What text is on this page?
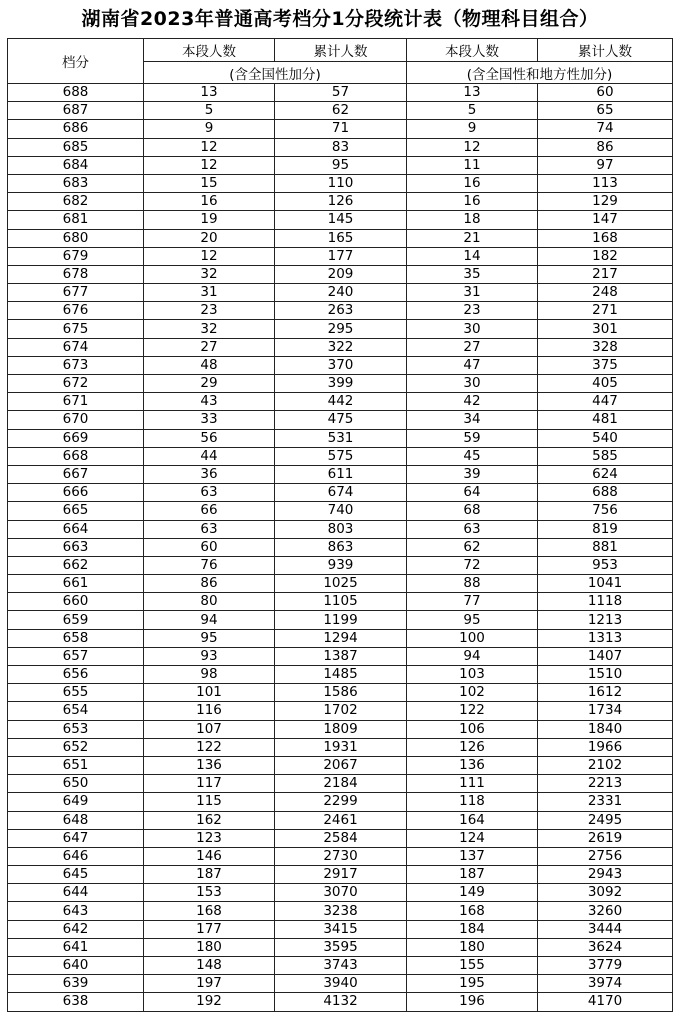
湖南省2023年普通高考档分1分段统计表（物理科目组合）
档分	本段人数	累计人数	本段人数	累计人数
	(含全国性加分)		(含全国性和地方性加分)	
688	13	57	13	60
687	5	62	5	65
686	9	71	9	74
685	12	83	12	86
684	12	95	11	97
683	15	110	16	113
682	16	126	16	129
681	19	145	18	147
680	20	165	21	168
679	12	177	14	182
678	32	209	35	217
677	31	240	31	248
676	23	263	23	271
675	32	295	30	301
674	27	322	27	328
673	48	370	47	375
672	29	399	30	405
671	43	442	42	447
670	33	475	34	481
669	56	531	59	540
668	44	575	45	585
667	36	611	39	624
666	63	674	64	688
665	66	740	68	756
664	63	803	63	819
663	60	863	62	881
662	76	939	72	953
661	86	1025	88	1041
660	80	1105	77	1118
659	94	1199	95	1213
658	95	1294	100	1313
657	93	1387	94	1407
656	98	1485	103	1510
655	101	1586	102	1612
654	116	1702	122	1734
653	107	1809	106	1840
652	122	1931	126	1966
651	136	2067	136	2102
650	117	2184	111	2213
649	115	2299	118	2331
648	162	2461	164	2495
647	123	2584	124	2619
646	146	2730	137	2756
645	187	2917	187	2943
644	153	3070	149	3092
643	168	3238	168	3260
642	177	3415	184	3444
641	180	3595	180	3624
640	148	3743	155	3779
639	197	3940	195	3974
638	192	4132	196	4170
